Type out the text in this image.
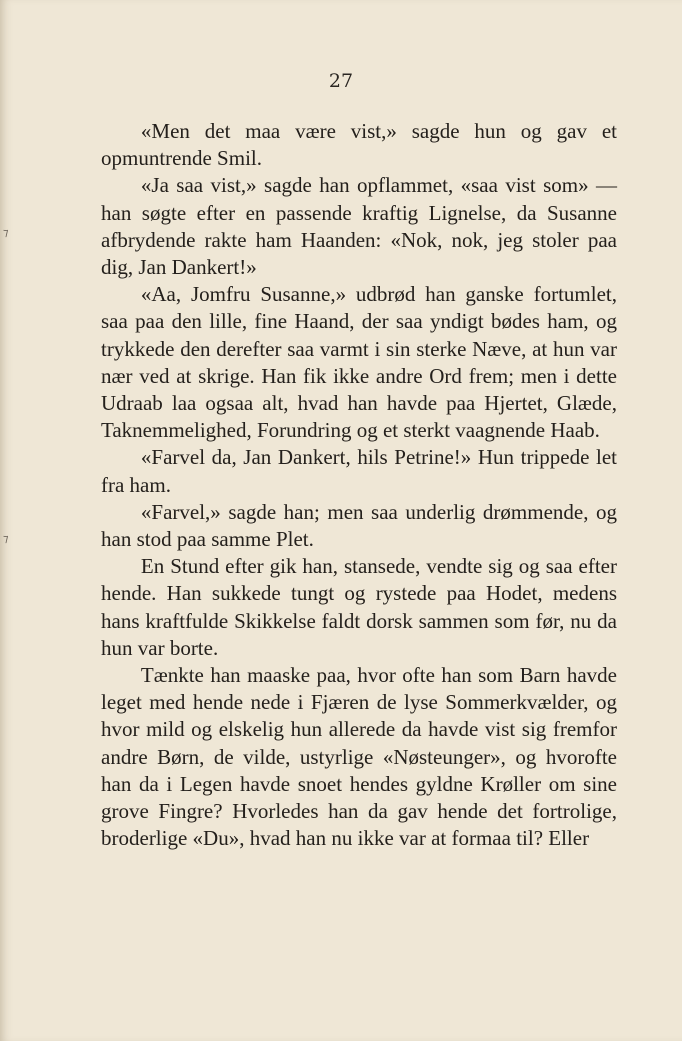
27

«Men det maa være vist,» sagde hun og gav et opmuntrende Smil.

«Ja saa vist,» sagde han opflammet, «saa vist som» — han søgte efter en passende kraftig Lignelse, da Susanne afbrydende rakte ham Haanden: «Nok, nok, jeg stoler paa dig, Jan Dankert!»

«Aa, Jomfru Susanne,» udbrød han ganske fortumlet, saa paa den lille, fine Haand, der saa yndigt bødes ham, og trykkede den derefter saa varmt i sin sterke Næve, at hun var nær ved at skrige. Han fik ikke andre Ord frem; men i dette Udraab laa ogsaa alt, hvad han havde paa Hjertet, Glæde, Taknemmelighed, Forundring og et sterkt vaagnende Haab.

«Farvel da, Jan Dankert, hils Petrine!» Hun trippede let fra ham.

«Farvel,» sagde han; men saa underlig drømmende, og han stod paa samme Plet.

En Stund efter gik han, stansede, vendte sig og saa efter hende. Han sukkede tungt og rystede paa Hodet, medens hans kraftfulde Skikkelse faldt dorsk sammen som før, nu da hun var borte.

Tænkte han maaske paa, hvor ofte han som Barn havde leget med hende nede i Fjæren de lyse Sommerkvælder, og hvor mild og elskelig hun allerede da havde vist sig fremfor andre Børn, de vilde, ustyrlige «Nøsteunger», og hvorofte han da i Legen havde snoet hendes gyldne Krøller om sine grove Fingre? Hvorledes han da gav hende det fortrolige, broderlige «Du», hvad han nu ikke var at formaa til? Eller

⁊
⁊
